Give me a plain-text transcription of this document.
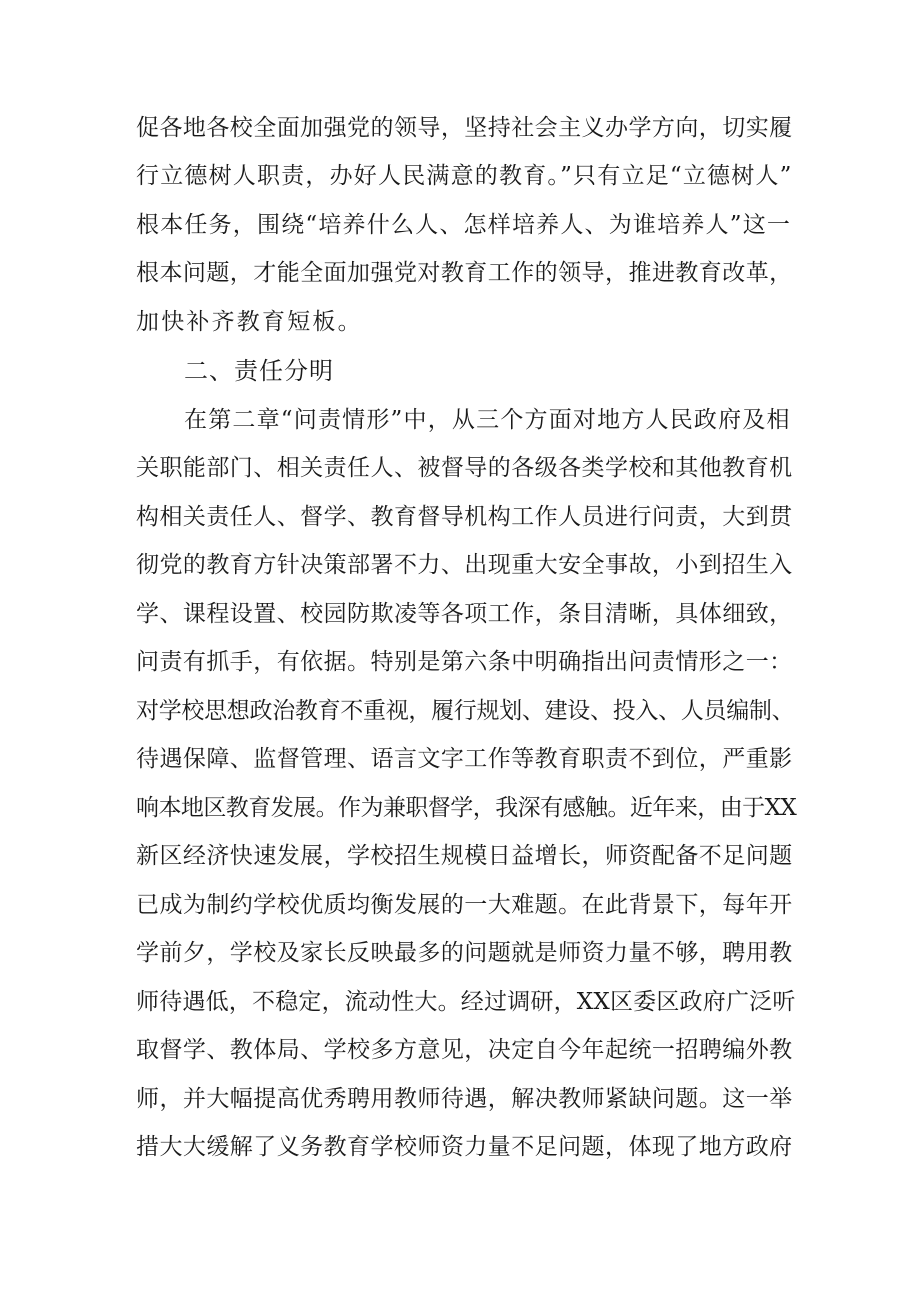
促各地各校全面加强党的领导，坚持社会主义办学方向，切实履
行立德树人职责，办好人民满意的教育。”只有立足“立德树人”
根本任务，围绕“培养什么人、怎样培养人、为谁培养人”这一
根本问题，才能全面加强党对教育工作的领导，推进教育改革，
加快补齐教育短板。
二、责任分明
在第二章“问责情形”中，从三个方面对地方人民政府及相
关职能部门、相关责任人、被督导的各级各类学校和其他教育机
构相关责任人、督学、教育督导机构工作人员进行问责，大到贯
彻党的教育方针决策部署不力、出现重大安全事故，小到招生入
学、课程设置、校园防欺凌等各项工作，条目清晰，具体细致，
问责有抓手，有依据。特别是第六条中明确指出问责情形之一：
对学校思想政治教育不重视，履行规划、建设、投入、人员编制、
待遇保障、监督管理、语言文字工作等教育职责不到位，严重影
响本地区教育发展。作为兼职督学，我深有感触。近年来，由于XX
新区经济快速发展，学校招生规模日益增长，师资配备不足问题
已成为制约学校优质均衡发展的一大难题。在此背景下，每年开
学前夕，学校及家长反映最多的问题就是师资力量不够，聘用教
师待遇低，不稳定，流动性大。经过调研，XX区委区政府广泛听
取督学、教体局、学校多方意见，决定自今年起统一招聘编外教
师，并大幅提高优秀聘用教师待遇，解决教师紧缺问题。这一举
措大大缓解了义务教育学校师资力量不足问题，体现了地方政府
